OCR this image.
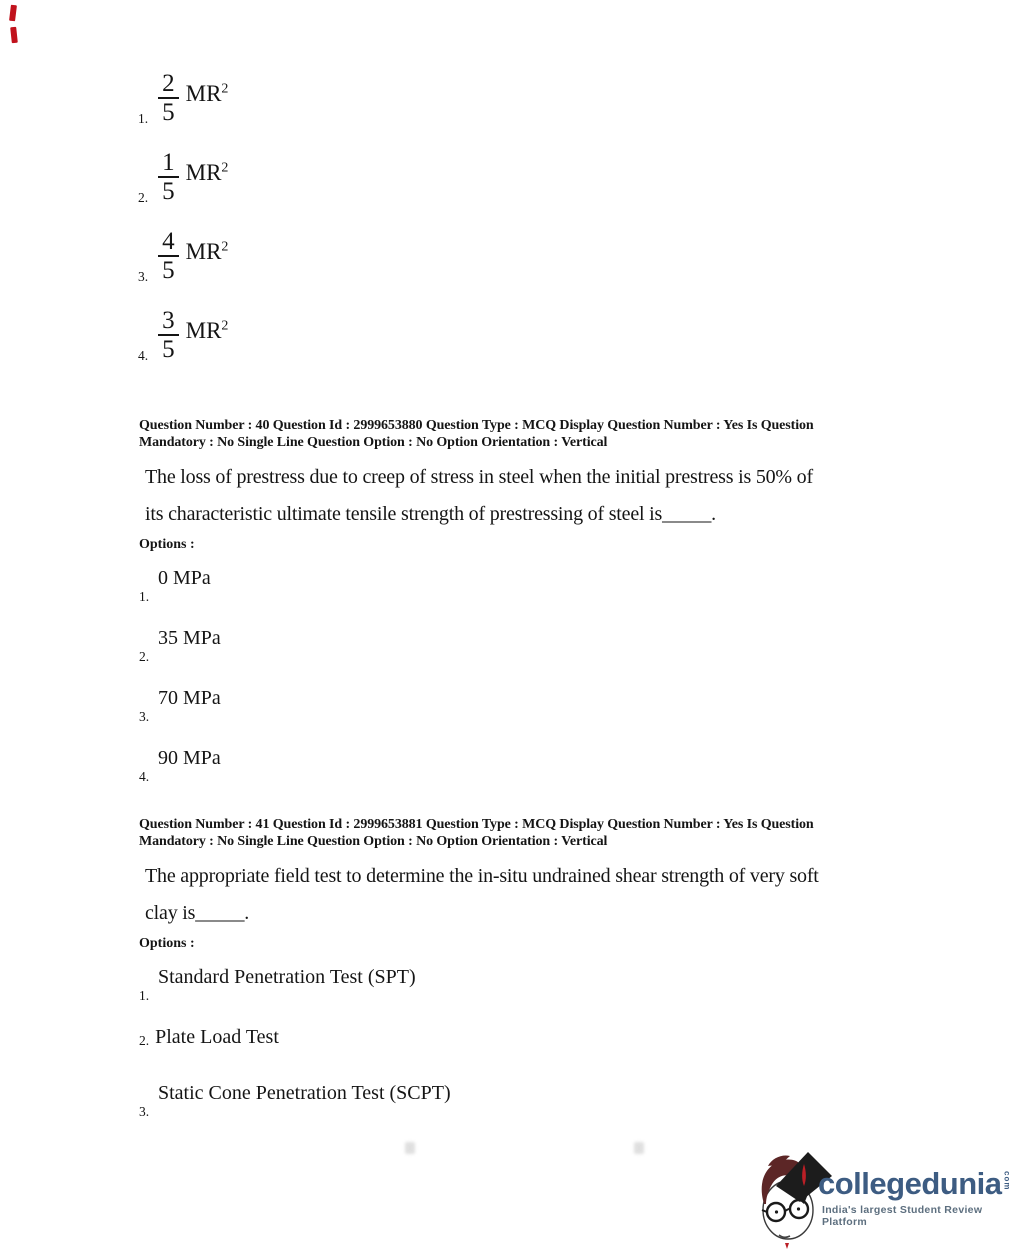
1. $\frac{2}{5} MR^2$
2. $\frac{1}{5} MR^2$
3. $\frac{4}{5} MR^2$
4. $\frac{3}{5} MR^2$
Question Number : 40 Question Id : 2999653880 Question Type : MCQ Display Question Number : Yes Is Question
Mandatory : No Single Line Question Option : No Option Orientation : Vertical
The loss of prestress due to creep of stress in steel when the initial prestress is 50% of
its characteristic ultimate tensile strength of prestressing of steel is_____.
Options :
0 MPa
1.
35 MPa
2.
70 MPa
3.
90 MPa
4.
Question Number : 41 Question Id : 2999653881 Question Type : MCQ Display Question Number : Yes Is Question
Mandatory : No Single Line Question Option : No Option Orientation : Vertical
The appropriate field test to determine the in-situ undrained shear strength of very soft
clay is_____.
Options :
Standard Penetration Test (SPT)
1.
2. Plate Load Test
Static Cone Penetration Test (SCPT)
3.
collegedunia com
India's largest Student Review Platform
